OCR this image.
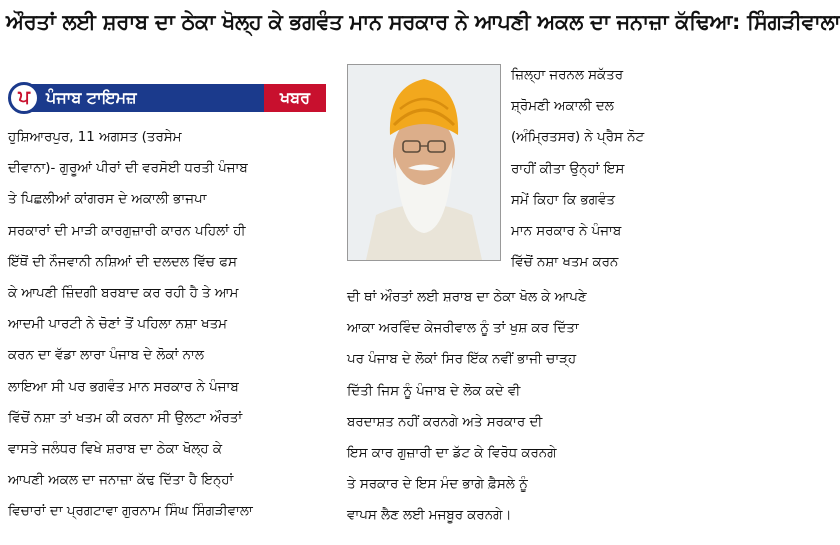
ਔਰਤਾਂ ਲਈ ਸ਼ਰਾਬ ਦਾ ਠੇਕਾ ਖੋਲ੍ਹ ਕੇ ਭਗਵੰਤ ਮਾਨ ਸਰਕਾਰ ਨੇ ਆਪਣੀ ਅਕਲ ਦਾ ਜਨਾਜ਼ਾ ਕੱਢਿਆ: ਸਿੰਗੜੀਵਾਲਾ
ਪ	ਪੰਜਾਬ ਟਾਇਮਜ਼	ਖਬਰ

ਹੁਸ਼ਿਆਰਪੁਰ, 11 ਅਗਸਤ (ਤਰਸੇਮ

ਦੀਵਾਨਾ)- ਗੁਰੂਆਂ ਪੀਰਾਂ ਦੀ ਵਰਸੋਈ ਧਰਤੀ ਪੰਜਾਬ

ਤੇ ਪਿਛਲੀਆਂ ਕਾਂਗਰਸ ਦੇ ਅਕਾਲੀ ਭਾਜਪਾ

ਸਰਕਾਰਾਂ ਦੀ ਮਾੜੀ ਕਾਰਗੁਜ਼ਾਰੀ ਕਾਰਨ ਪਹਿਲਾਂ ਹੀ

ਇੱਥੋਂ ਦੀ ਨੌਜਵਾਨੀ ਨਸ਼ਿਆਂ ਦੀ ਦਲਦਲ ਵਿੱਚ ਫਸ

ਕੇ ਆਪਣੀ ਜ਼ਿੰਦਗੀ ਬਰਬਾਦ ਕਰ ਰਹੀ ਹੈ ਤੇ ਆਮ

ਆਦਮੀ ਪਾਰਟੀ ਨੇ ਚੋਣਾਂ ਤੋਂ ਪਹਿਲਾ ਨਸ਼ਾ ਖਤਮ

ਕਰਨ ਦਾ ਵੱਡਾ ਲਾਰਾ ਪੰਜਾਬ ਦੇ ਲੋਕਾਂ ਨਾਲ

ਲਾਇਆ ਸੀ ਪਰ ਭਗਵੰਤ ਮਾਨ ਸਰਕਾਰ ਨੇ ਪੰਜਾਬ

ਵਿੱਚੋਂ ਨਸ਼ਾ ਤਾਂ ਖਤਮ ਕੀ ਕਰਨਾ ਸੀ ਉਲਟਾ ਔਰਤਾਂ

ਵਾਸਤੇ ਜਲੰਧਰ ਵਿਖੇ ਸ਼ਰਾਬ ਦਾ ਠੇਕਾ ਖੋਲ੍ਹ ਕੇ

ਆਪਣੀ ਅਕਲ ਦਾ ਜਨਾਜ਼ਾ ਕੱਢ ਦਿੱਤਾ ਹੈ ਇਨ੍ਹਾਂ

ਵਿਚਾਰਾਂ ਦਾ ਪ੍ਰਗਟਾਵਾ ਗੁਰਨਾਮ ਸਿੰਘ ਸਿੰਗੜੀਵਾਲਾ

ਜ਼ਿਲ੍ਹਾ ਜਰਨਲ ਸਕੱਤਰ
ਸ਼੍ਰੋਮਣੀ ਅਕਾਲੀ ਦਲ
(ਅੰਮ੍ਰਿਤਸਰ) ਨੇ ਪ੍ਰੈਸ ਨੋਟ
ਰਾਹੀਂ ਕੀਤਾ ਉਨ੍ਹਾਂ ਇਸ
ਸਮੇਂ ਕਿਹਾ ਕਿ ਭਗਵੰਤ
ਮਾਨ ਸਰਕਾਰ ਨੇ ਪੰਜਾਬ
ਵਿੱਚੋਂ ਨਸ਼ਾ ਖਤਮ ਕਰਨ
ਦੀ ਥਾਂ ਔਰਤਾਂ ਲਈ ਸ਼ਰਾਬ ਦਾ ਠੇਕਾ ਖੋਲ ਕੇ ਆਪਣੇ
ਆਕਾ ਅਰਵਿੰਦ ਕੇਜਰੀਵਾਲ ਨੂੰ ਤਾਂ ਖੁਸ਼ ਕਰ ਦਿੱਤਾ
ਪਰ ਪੰਜਾਬ ਦੇ ਲੋਕਾਂ ਸਿਰ ਇੱਕ ਨਵੀਂ ਭਾਜੀ ਚਾੜ੍ਹ
ਦਿੱਤੀ ਜਿਸ ਨੂੰ ਪੰਜਾਬ ਦੇ ਲੋਕ ਕਦੇ ਵੀ
ਬਰਦਾਸ਼ਤ ਨਹੀਂ ਕਰਨਗੇ ਅਤੇ ਸਰਕਾਰ ਦੀ
ਇਸ ਕਾਰ ਗੁਜ਼ਾਰੀ ਦਾ ਡੱਟ ਕੇ ਵਿਰੋਧ ਕਰਨਗੇ
ਤੇ ਸਰਕਾਰ ਦੇ ਇਸ ਮੰਦ ਭਾਗੇ ਫ਼ੈਸਲੇ ਨੂੰ
ਵਾਪਸ ਲੈਣ ਲਈ ਮਜਬੂਰ ਕਰਨਗੇ।
